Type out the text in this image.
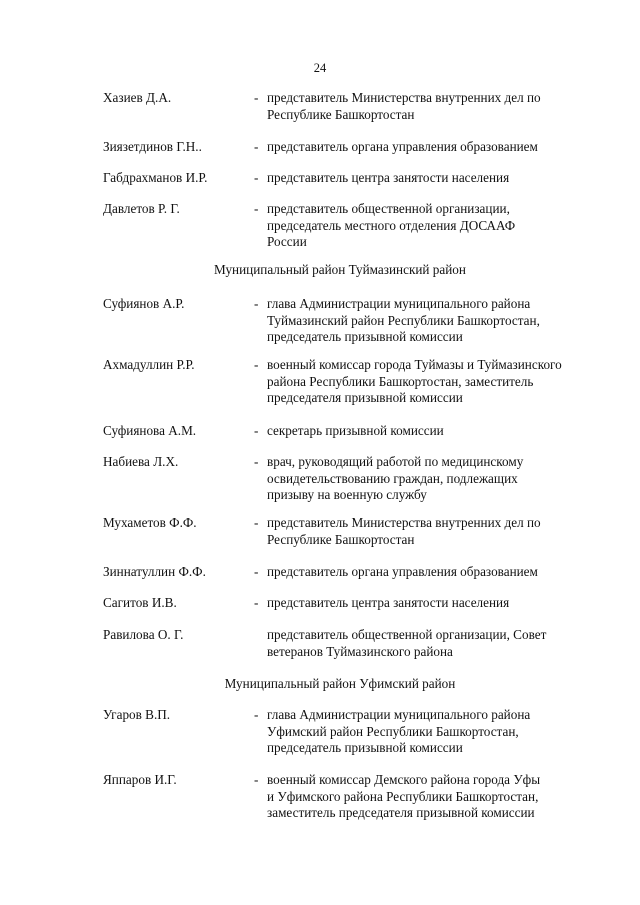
24
Хазиев Д.А.	- представитель Министерства внутренних дел по
Республике Башкортостан
Зиязетдинов Г.Н..	- представитель органа управления образованием
Габдрахманов И.Р.	- представитель центра занятости населения
Давлетов Р. Г.	- представитель общественной организации,
председатель местного отделения ДОСААФ
России
Муниципальный район Туймазинский район
Суфиянов А.Р.	- глава Администрации муниципального района
Туймазинский район Республики Башкортостан,
председатель призывной комиссии
Ахмадуллин Р.Р.	- военный комиссар города Туймазы и Туймазинского
района Республики Башкортостан, заместитель
председателя призывной комиссии
Суфиянова А.М.	- секретарь призывной комиссии
Набиева Л.Х.	- врач, руководящий работой по медицинскому
освидетельствованию граждан, подлежащих
призыву на военную службу
Мухаметов Ф.Ф.	- представитель Министерства внутренних дел по
Республике Башкортостан
Зиннатуллин Ф.Ф.	- представитель органа управления образованием
Сагитов И.В.	- представитель центра занятости населения
Равилова О. Г.	представитель общественной организации, Совет
ветеранов Туймазинского района
Муниципальный район Уфимский район
Угаров В.П.	- глава Администрации муниципального района
Уфимский район Республики Башкортостан,
председатель призывной комиссии
Яппаров И.Г.	- военный комиссар Демского района города Уфы
и Уфимского района Республики Башкортостан,
заместитель председателя призывной комиссии
